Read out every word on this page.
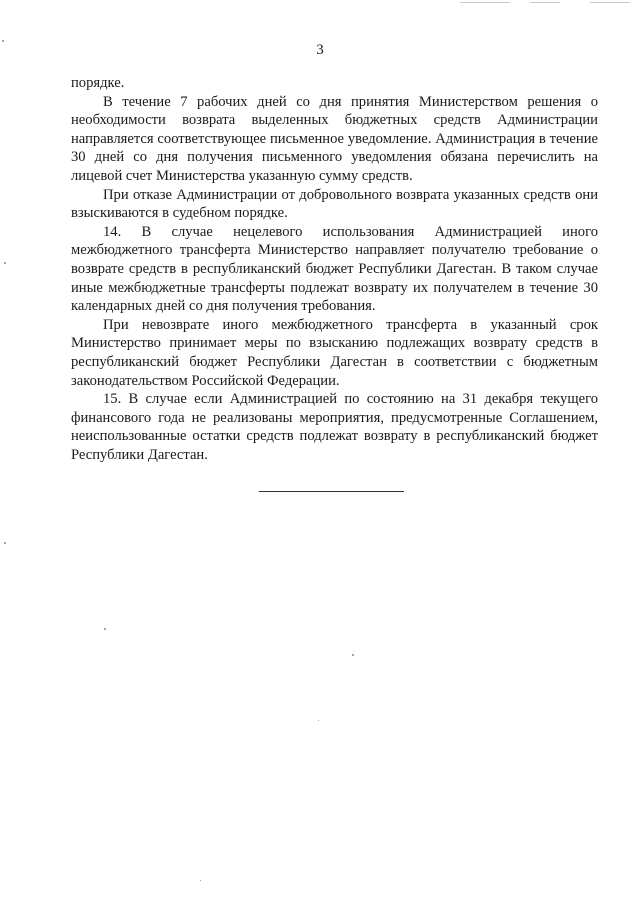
3

порядке.

В течение 7 рабочих дней со дня принятия Министерством решения о необходимости возврата выделенных бюджетных средств Администрации направляется соответствующее письменное уведомление. Администрация в течение 30 дней со дня получения письменного уведомления обязана перечислить на лицевой счет Министерства указанную сумму средств.

При отказе Администрации от добровольного возврата указанных средств они взыскиваются в судебном порядке.

14. В случае нецелевого использования Администрацией иного межбюджетного трансферта Министерство направляет получателю требование о возврате средств в республиканский бюджет Республики Дагестан. В таком случае иные межбюджетные трансферты подлежат возврату их получателем в течение 30 календарных дней со дня получения требования.

При невозврате иного межбюджетного трансферта в указанный срок Министерство принимает меры по взысканию подлежащих возврату средств в республиканский бюджет Республики Дагестан в соответствии с бюджетным законодательством Российской Федерации.

15. В случае если Администрацией по состоянию на 31 декабря текущего финансового года не реализованы мероприятия, предусмотренные Соглашением, неиспользованные остатки средств подлежат возврату в республиканский бюджет Республики Дагестан.
